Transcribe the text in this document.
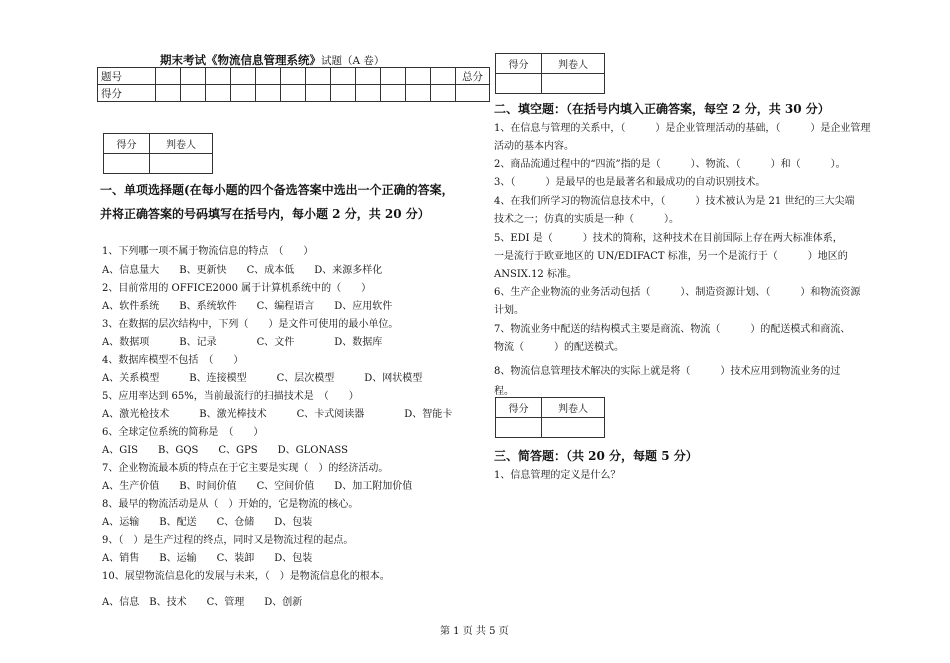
期末考试《物流信息管理系统》试题（A 卷）
题号													总分
得分													
得分	判卷人

一、单项选择题(在每小题的四个备选答案中选出一个正确的答案，
并将正确答案的号码填写在括号内，每小题 2 分，共 20 分）
1、下列哪一项不属于物流信息的特点　（　　）
A、信息量大　　B、更新快　　C、成本低　　D、来源多样化
2、目前常用的 OFFICE2000 属于计算机系统中的（　　）
A、软件系统　　B、系统软件　　C、编程语言　　D、应用软件
3、在数据的层次结构中，下列（　　）是文件可使用的最小单位。
A、数据项　　　B、记录　　　　C、文件　　　　D、数据库
4、数据库模型不包括　（　　）
A、关系模型　　　B、连接模型　　　C、层次模型　　　D、网状模型
5、应用率达到 65%，当前最流行的扫描技术是　（　　）
A、激光枪技术　　　B、激光棒技术　　　C、卡式阅读器　　　　D、智能卡
6、全球定位系统的简称是　（　　）
A、GIS　　B、GQS　　C、GPS　　D、GLONASS
7、企业物流最本质的特点在于它主要是实现（　）的经济活动。
A、生产价值　　B、时间价值　　C、空间价值　　D、加工附加价值
8、最早的物流活动是从（　）开始的，它是物流的核心。
A、运输　　B、配送　　C、仓储　　D、包装
9、（　）是生产过程的终点，同时又是物流过程的起点。
A、销售　　B、运输　　C、装卸　　D、包装
10、展望物流信息化的发展与未来，（　）是物流信息化的根本。
A、信息　B、技术　　C、管理　　D、创新
得分	判卷人

二、填空题：（在括号内填入正确答案，每空 2 分，共 30 分）
1、在信息与管理的关系中，（　　　）是企业管理活动的基础，（　　　）是企业管理
活动的基本内容。
2、商品流通过程中的“四流”指的是（　　　）、物流、（　　　）和（　　　）。
3、（　　　）是最早的也是最著名和最成功的自动识别技术。
4、在我们所学习的物流信息技术中，（　　　）技术被认为是 21 世纪的三大尖端
技术之一；仿真的实质是一种（　　　）。
5、EDI 是（　　　）技术的简称，这种技术在目前国际上存在两大标准体系，
一是流行于欧亚地区的 UN/EDIFACT 标准，另一个是流行于（　　　）地区的
ANSIX.12 标准。
6、生产企业物流的业务活动包括（　　　）、制造资源计划、（　　　）和物流资源
计划。
7、物流业务中配送的结构模式主要是商流、物流（　　　）的配送模式和商流、
物流（　　　）的配送模式。
8、物流信息管理技术解决的实际上就是将（　　　）技术应用到物流业务的过
程。
得分	判卷人

三、简答题：（共 20 分，每题 5 分）
1、信息管理的定义是什么？
第 1 页 共 5 页
